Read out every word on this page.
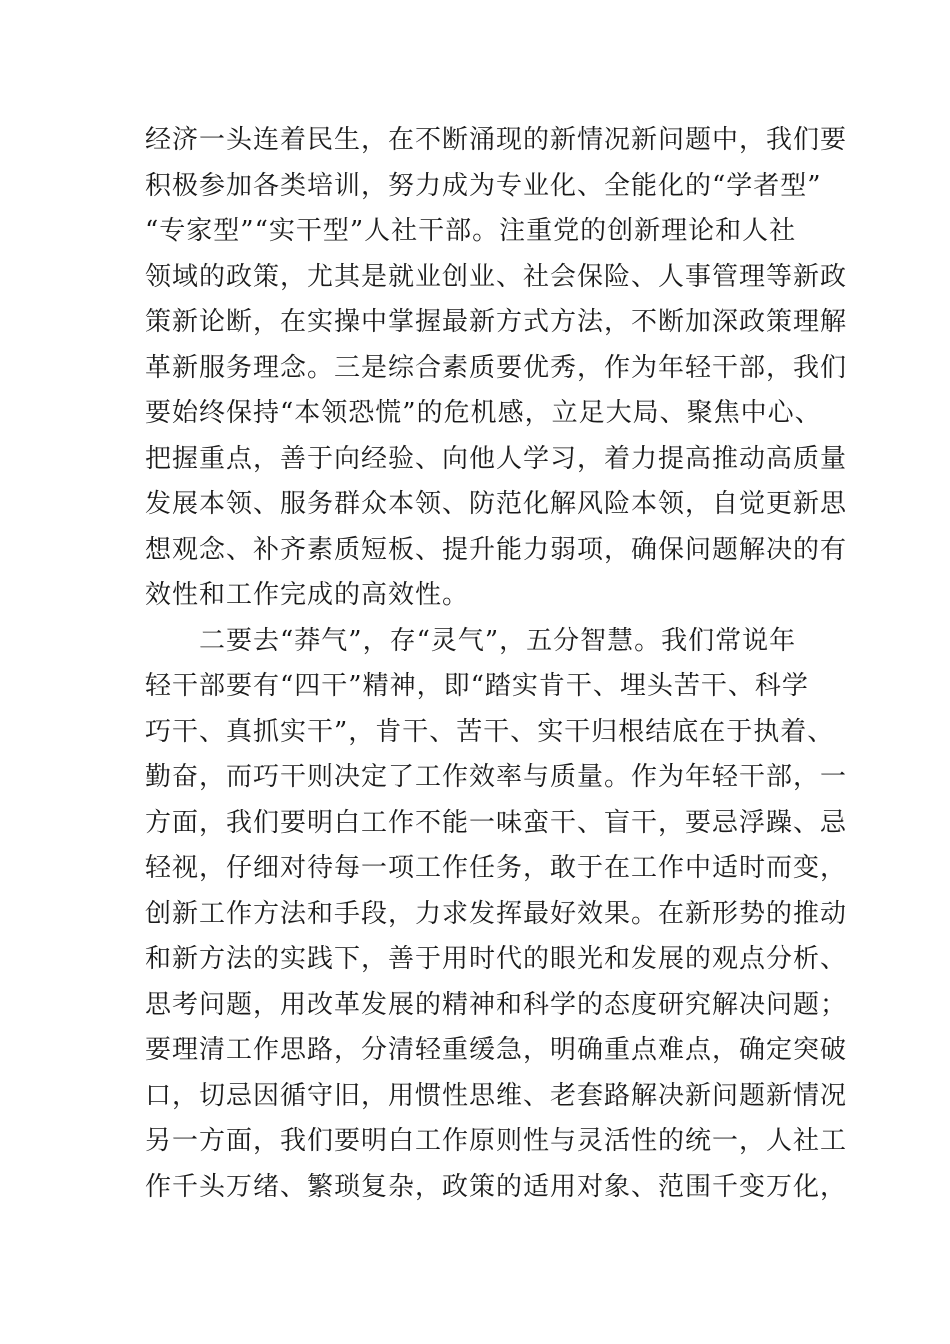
经济一头连着民生，在不断涌现的新情况新问题中，我们要
积极参加各类培训，努力成为专业化、全能化的“学者型”
“专家型”“实干型”人社干部。注重党的创新理论和人社
领域的政策，尤其是就业创业、社会保险、人事管理等新政
策新论断，在实操中掌握最新方式方法，不断加深政策理解
革新服务理念。三是综合素质要优秀，作为年轻干部，我们
要始终保持“本领恐慌”的危机感，立足大局、聚焦中心、
把握重点，善于向经验、向他人学习，着力提高推动高质量
发展本领、服务群众本领、防范化解风险本领，自觉更新思
想观念、补齐素质短板、提升能力弱项，确保问题解决的有
效性和工作完成的高效性。
二要去“莽气”，存“灵气”，五分智慧。我们常说年
轻干部要有“四干”精神，即“踏实肯干、埋头苦干、科学
巧干、真抓实干”，肯干、苦干、实干归根结底在于执着、
勤奋，而巧干则决定了工作效率与质量。作为年轻干部，一
方面，我们要明白工作不能一味蛮干、盲干，要忌浮躁、忌
轻视，仔细对待每一项工作任务，敢于在工作中适时而变，
创新工作方法和手段，力求发挥最好效果。在新形势的推动
和新方法的实践下，善于用时代的眼光和发展的观点分析、
思考问题，用改革发展的精神和科学的态度研究解决问题；
要理清工作思路，分清轻重缓急，明确重点难点，确定突破
口，切忌因循守旧，用惯性思维、老套路解决新问题新情况
另一方面，我们要明白工作原则性与灵活性的统一，人社工
作千头万绪、繁琐复杂，政策的适用对象、范围千变万化，
